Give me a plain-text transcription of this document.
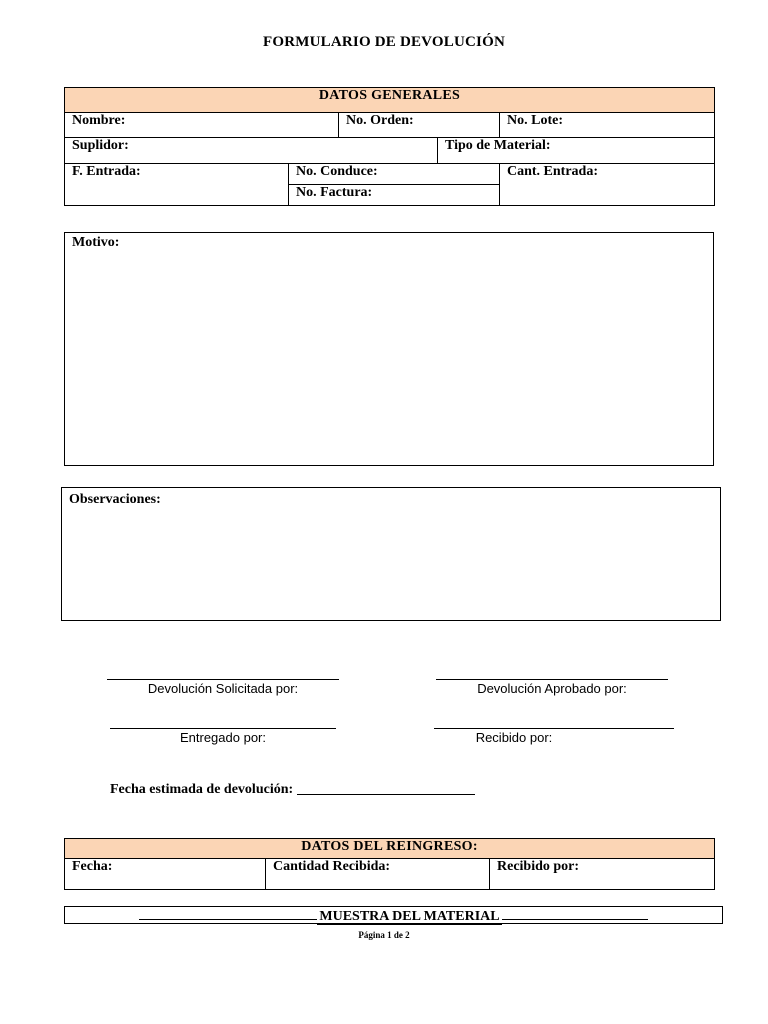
FORMULARIO DE DEVOLUCIÓN
DATOS GENERALES				
Nombre:		No. Orden:		No. Lote:
Suplidor:			Tipo de Material:	
F. Entrada:	No. Conduce:			Cant. Entrada:
	No. Factura:			
Motivo:
Observaciones:
Devolución Solicitada por:	Devolución Aprobado por:
Entregado por:	Recibido por:
Fecha estimada de devolución:
DATOS DEL REINGRESO:
Fecha:	Cantidad Recibida:	Recibido por:
MUESTRA DEL MATERIAL
Página 1 de 2
